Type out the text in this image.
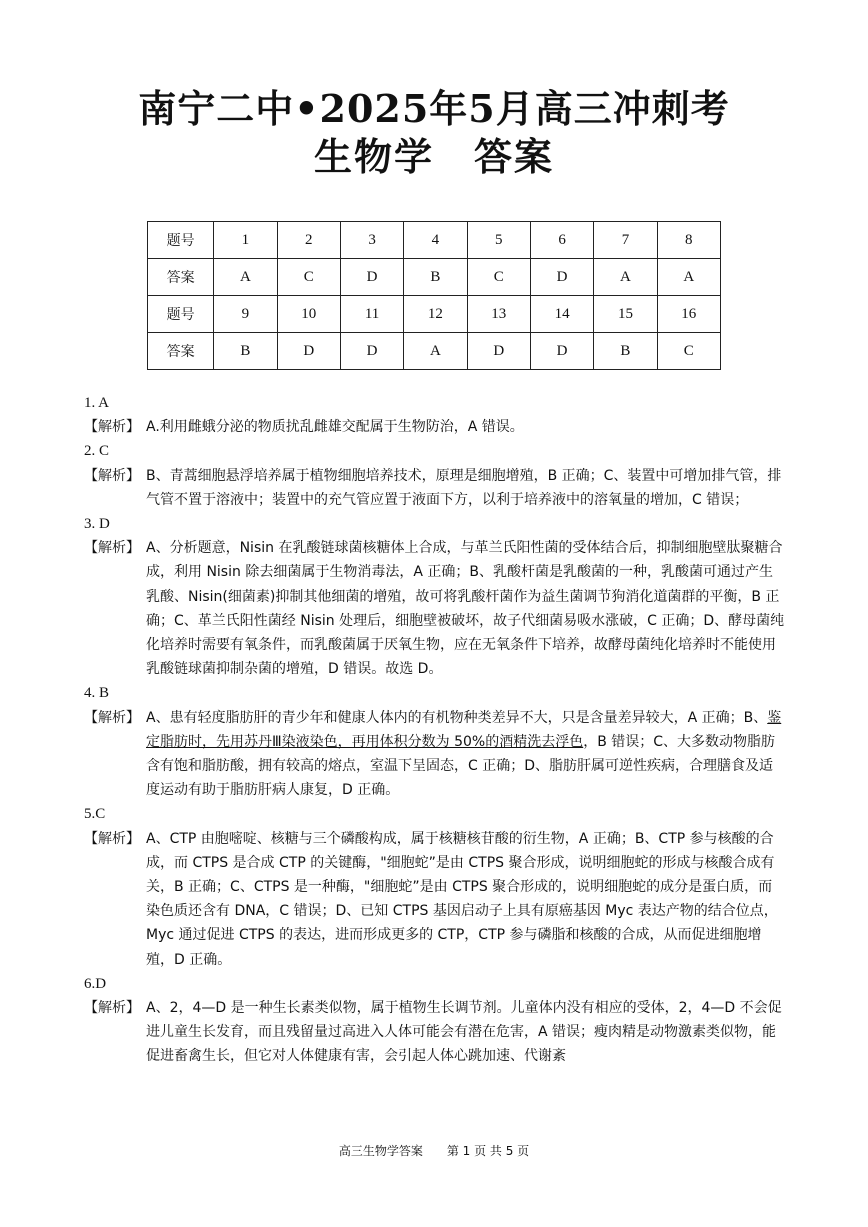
南宁二中•2025年5月高三冲刺考
生物学　答案
题号	1	2	3	4	5	6	7	8
答案	A	C	D	B	C	D	A	A
题号	9	10	11	12	13	14	15	16
答案	B	D	D	A	D	D	B	C
1. A
【解析】 A.利用雌蛾分泌的物质扰乱雌雄交配属于生物防治，A 错误。
2. C
【解析】 B、青蒿细胞悬浮培养属于植物细胞培养技术，原理是细胞增殖，B 正确；C、装置中可增加排气管，排气管不置于溶液中；装置中的充气管应置于液面下方，以利于培养液中的溶氧量的增加，C 错误；
3. D
【解析】 A、分析题意，Nisin 在乳酸链球菌核糖体上合成，与革兰氏阳性菌的受体结合后，抑制细胞壁肽聚糖合成，利用 Nisin 除去细菌属于生物消毒法，A 正确；B、乳酸杆菌是乳酸菌的一种，乳酸菌可通过产生乳酸、Nisin(细菌素)抑制其他细菌的增殖，故可将乳酸杆菌作为益生菌调节狗消化道菌群的平衡，B 正确；C、革兰氏阳性菌经 Nisin 处理后，细胞壁被破坏，故子代细菌易吸水涨破，C 正确；D、酵母菌纯化培养时需要有氧条件，而乳酸菌属于厌氧生物，应在无氧条件下培养，故酵母菌纯化培养时不能使用乳酸链球菌抑制杂菌的增殖，D 错误。故选 D。
4. B
【解析】 A、患有轻度脂肪肝的青少年和健康人体内的有机物种类差异不大，只是含量差异较大，A 正确；B、鉴定脂肪时，先用苏丹Ⅲ染液染色，再用体积分数为 50%的酒精洗去浮色，B 错误；C、大多数动物脂肪含有饱和脂肪酸，拥有较高的熔点，室温下呈固态，C 正确；D、脂肪肝属可逆性疾病，合理膳食及适度运动有助于脂肪肝病人康复，D 正确。
5.C
【解析】 A、CTP 由胞嘧啶、核糖与三个磷酸构成，属于核糖核苷酸的衍生物，A 正确；B、CTP 参与核酸的合成，而 CTPS 是合成 CTP 的关键酶，"细胞蛇”是由 CTPS 聚合形成，说明细胞蛇的形成与核酸合成有关，B 正确；C、CTPS 是一种酶，"细胞蛇”是由 CTPS 聚合形成的，说明细胞蛇的成分是蛋白质，而染色质还含有 DNA，C 错误；D、已知 CTPS 基因启动子上具有原癌基因 Myc 表达产物的结合位点，Myc 通过促进 CTPS 的表达，进而形成更多的 CTP，CTP 参与磷脂和核酸的合成，从而促进细胞增殖，D 正确。
6.D
【解析】 A、2，4—D 是一种生长素类似物，属于植物生长调节剂。儿童体内没有相应的受体，2，4—D 不会促进儿童生长发育，而且残留量过高进入人体可能会有潜在危害，A 错误；瘦肉精是动物激素类似物，能促进畜禽生长，但它对人体健康有害，会引起人体心跳加速、代谢紊
高三生物学答案　　第 1 页 共 5 页
